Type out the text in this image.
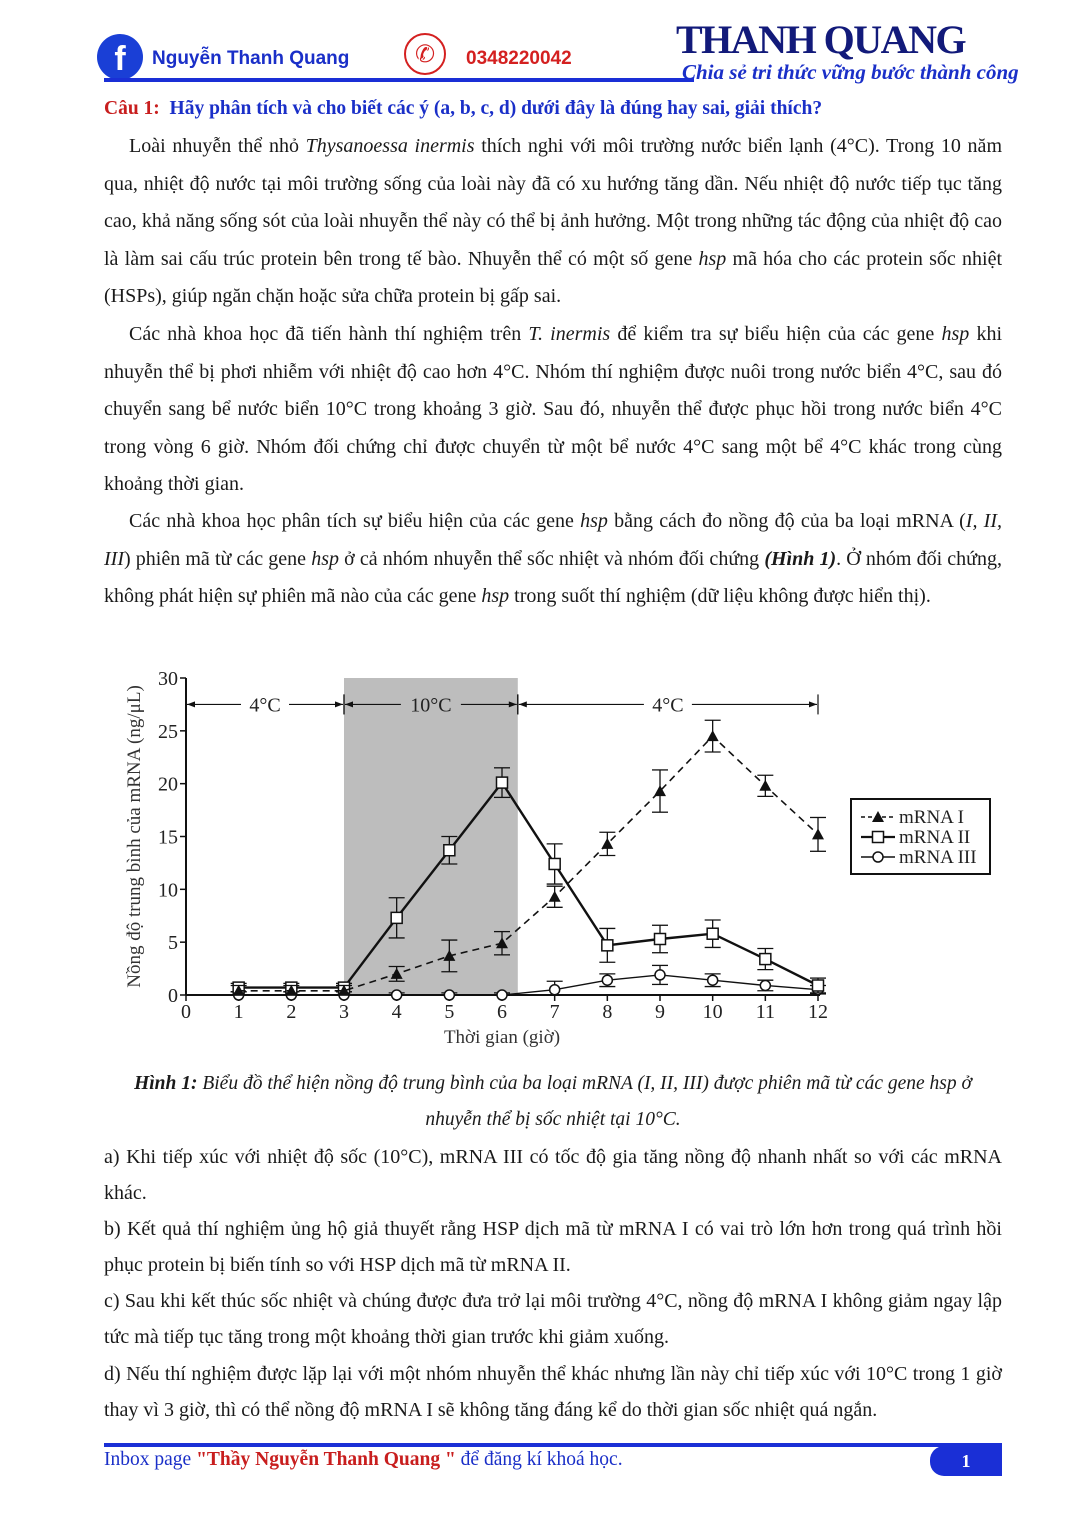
f	Nguyễn Thanh Quang	✆	0348220042	THANH QUANG
Chia sẻ tri thức vững bước thành công
Câu 1: Hãy phân tích và cho biết các ý (a, b, c, d) dưới đây là đúng hay sai, giải thích?
Loài nhuyễn thể nhỏ Thysanoessa inermis thích nghi với môi trường nước biển lạnh (4°C). Trong 10 năm qua, nhiệt độ nước tại môi trường sống của loài này đã có xu hướng tăng dần. Nếu nhiệt độ nước tiếp tục tăng cao, khả năng sống sót của loài nhuyễn thể này có thể bị ảnh hưởng. Một trong những tác động của nhiệt độ cao là làm sai cấu trúc protein bên trong tế bào. Nhuyễn thể có một số gene hsp mã hóa cho các protein sốc nhiệt (HSPs), giúp ngăn chặn hoặc sửa chữa protein bị gấp sai.
Các nhà khoa học đã tiến hành thí nghiệm trên T. inermis để kiểm tra sự biểu hiện của các gene hsp khi nhuyễn thể bị phơi nhiễm với nhiệt độ cao hơn 4°C. Nhóm thí nghiệm được nuôi trong nước biển 4°C, sau đó chuyển sang bể nước biển 10°C trong khoảng 3 giờ. Sau đó, nhuyễn thể được phục hồi trong nước biển 4°C trong vòng 6 giờ. Nhóm đối chứng chỉ được chuyển từ một bể nước 4°C sang một bể 4°C khác trong cùng khoảng thời gian.
Các nhà khoa học phân tích sự biểu hiện của các gene hsp bằng cách đo nồng độ của ba loại mRNA (I, II, III) phiên mã từ các gene hsp ở cả nhóm nhuyễn thể sốc nhiệt và nhóm đối chứng (Hình 1). Ở nhóm đối chứng, không phát hiện sự phiên mã nào của các gene hsp trong suốt thí nghiệm (dữ liệu không được hiển thị).
0
5
10
15
20
25
30
0 1 2 3 4 5 6 7 8 9 10 11 12
Thời gian (giờ)
Nồng độ trung bình của mRNA (ng/μL)	4°C	10°C	4°C
mRNA I
mRNA II
mRNA III
Hình 1: Biểu đồ thể hiện nồng độ trung bình của ba loại mRNA (I, II, III) được phiên mã từ các gene hsp ở nhuyễn thể bị sốc nhiệt tại 10°C.
a) Khi tiếp xúc với nhiệt độ sốc (10°C), mRNA III có tốc độ gia tăng nồng độ nhanh nhất so với các mRNA khác.
b) Kết quả thí nghiệm ủng hộ giả thuyết rằng HSP dịch mã từ mRNA I có vai trò lớn hơn trong quá trình hồi phục protein bị biến tính so với HSP dịch mã từ mRNA II.
c) Sau khi kết thúc sốc nhiệt và chúng được đưa trở lại môi trường 4°C, nồng độ mRNA I không giảm ngay lập tức mà tiếp tục tăng trong một khoảng thời gian trước khi giảm xuống.
d) Nếu thí nghiệm được lặp lại với một nhóm nhuyễn thể khác nhưng lần này chỉ tiếp xúc với 10°C trong 1 giờ thay vì 3 giờ, thì có thể nồng độ mRNA I sẽ không tăng đáng kể do thời gian sốc nhiệt quá ngắn.
Inbox page "Thầy Nguyễn Thanh Quang " để đăng kí khoá học.	1
